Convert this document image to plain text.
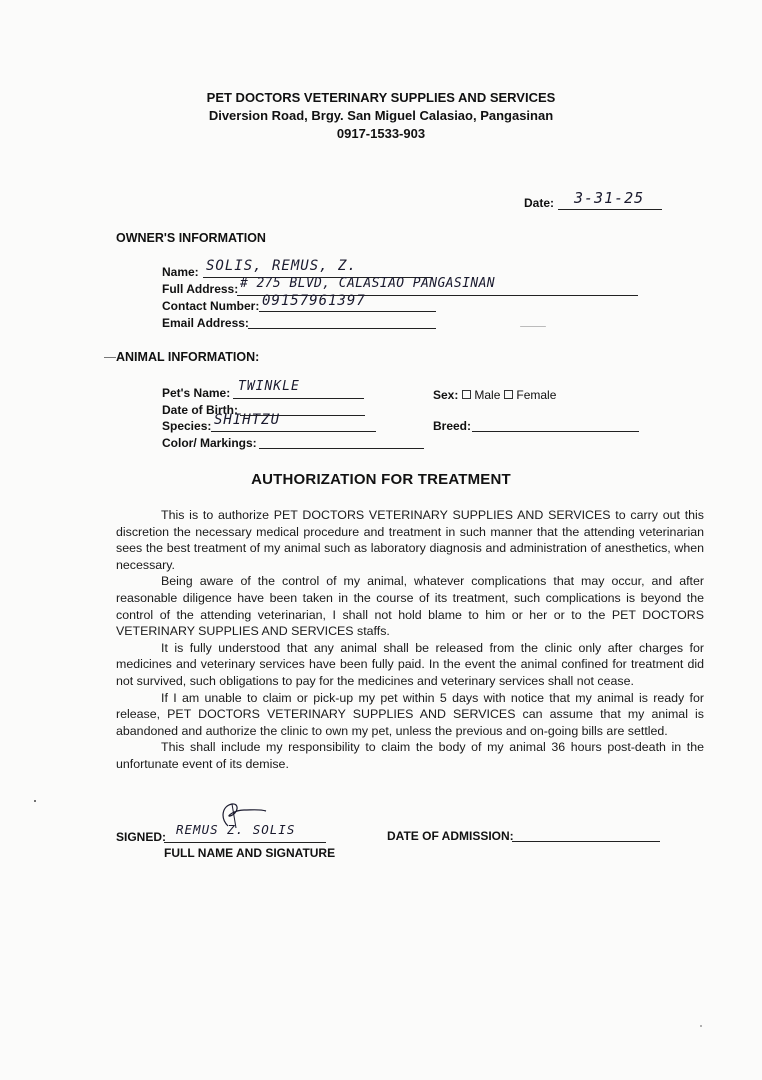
PET DOCTORS VETERINARY SUPPLIES AND SERVICES
Diversion Road, Brgy. San Miguel Calasiao, Pangasinan
0917-1533-903
Date: 3-31-25
OWNER'S INFORMATION
Name: SOLIS, REMUS, Z.
Full Address: # 275 BLVD, CALASIAO PANGASINAN
Contact Number: 09157961397
Email Address:
ANIMAL INFORMATION:
Pet's Name: TWINKLE
Date of Birth:
Species: SHIHTZU
Color/ Markings:
Sex: Male Female
Breed:
AUTHORIZATION FOR TREATMENT

This is to authorize PET DOCTORS VETERINARY SUPPLIES AND SERVICES to carry out this discretion the necessary medical procedure and treatment in such manner that the attending veterinarian sees the best treatment of my animal such as laboratory diagnosis and administration of anesthetics, when necessary.

Being aware of the control of my animal, whatever complications that may occur, and after reasonable diligence have been taken in the course of its treatment, such complications is beyond the control of the attending veterinarian, I shall not hold blame to him or her or to the PET DOCTORS VETERINARY SUPPLIES AND SERVICES staffs.

It is fully understood that any animal shall be released from the clinic only after charges for medicines and veterinary services have been fully paid. In the event the animal confined for treatment did not survived, such obligations to pay for the medicines and veterinary services shall not cease.

If I am unable to claim or pick-up my pet within 5 days with notice that my animal is ready for release, PET DOCTORS VETERINARY SUPPLIES AND SERVICES can assume that my animal is abandoned and authorize the clinic to own my pet, unless the previous and on-going bills are settled.

This shall include my responsibility to claim the body of my animal 36 hours post-death in the unfortunate event of its demise.

SIGNED: REMUS Z. SOLIS
FULL NAME AND SIGNATURE
DATE OF ADMISSION:
